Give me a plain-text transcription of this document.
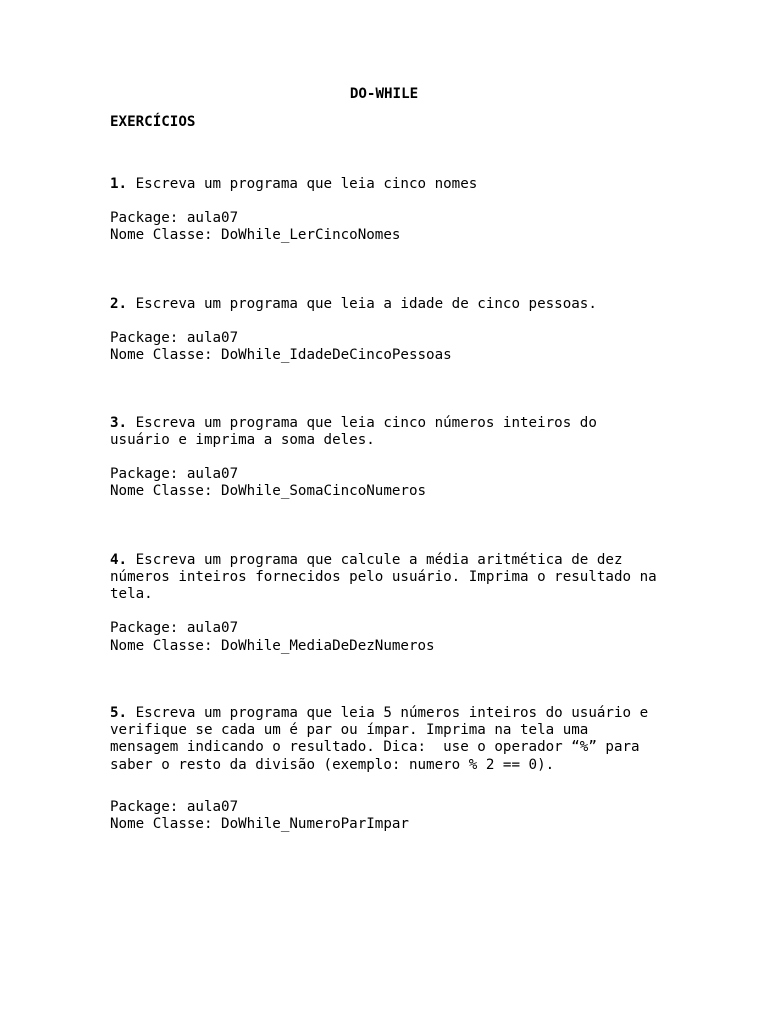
DO-WHILE
EXERCÍCIOS
1. Escreva um programa que leia cinco nomes
Package: aula07
Nome Classe: DoWhile_LerCincoNomes
2. Escreva um programa que leia a idade de cinco pessoas.
Package: aula07
Nome Classe: DoWhile_IdadeDeCincoPessoas
3. Escreva um programa que leia cinco números inteiros do
usuário e imprima a soma deles.
Package: aula07
Nome Classe: DoWhile_SomaCincoNumeros
4. Escreva um programa que calcule a média aritmética de dez
números inteiros fornecidos pelo usuário. Imprima o resultado na
tela.
Package: aula07
Nome Classe: DoWhile_MediaDeDezNumeros
5. Escreva um programa que leia 5 números inteiros do usuário e
verifique se cada um é par ou ímpar. Imprima na tela uma
mensagem indicando o resultado. Dica:  use o operador “%” para
saber o resto da divisão (exemplo: numero % 2 == 0).
Package: aula07
Nome Classe: DoWhile_NumeroParImpar
